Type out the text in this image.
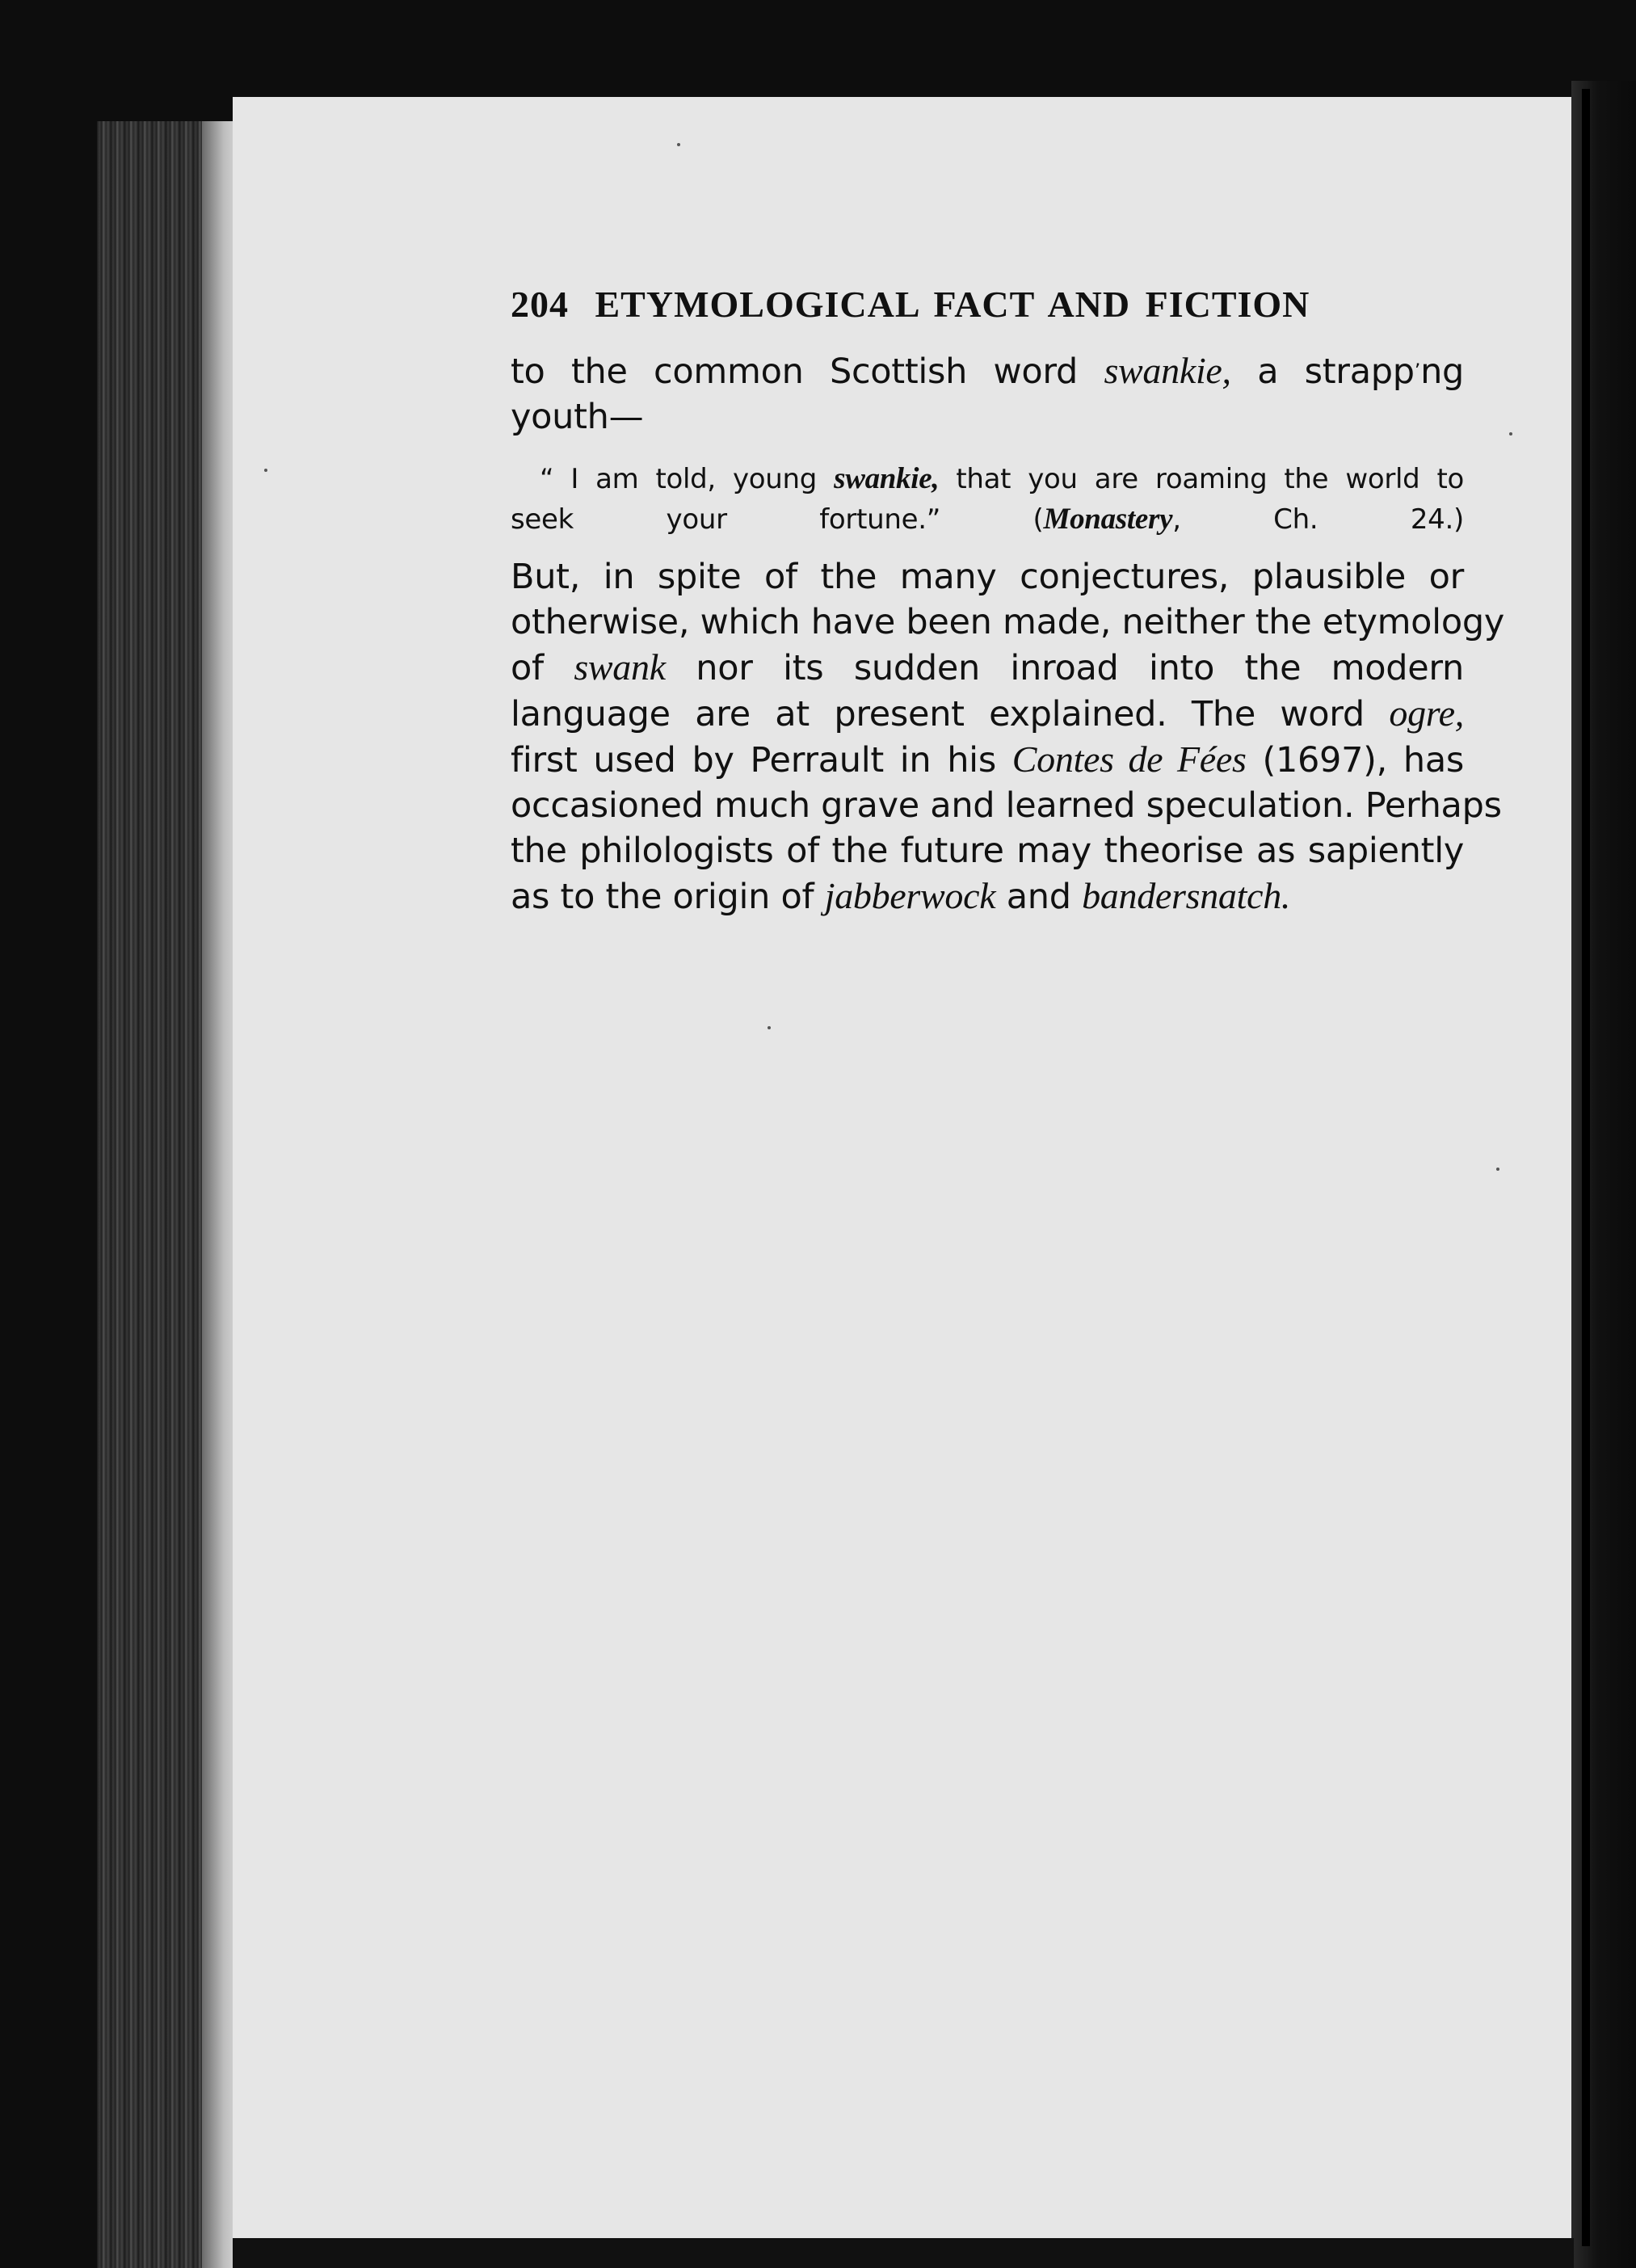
204 ETYMOLOGICAL FACT AND FICTION
to the common Scottish word swankie, a strapp’ng
youth—
“ I am told, young swankie, that you are roaming the world to
seek your fortune.” (Monastery, Ch. 24.)
But, in spite of the many conjectures, plausible or
otherwise, which have been made, neither the etymology
of swank nor its sudden inroad into the modern
language are at present explained. The word ogre,
first used by Perrault in his Contes de Fées (1697), has
occasioned much grave and learned speculation. Perhaps
the philologists of the future may theorise as sapiently
as to the origin of jabberwock and bandersnatch.
